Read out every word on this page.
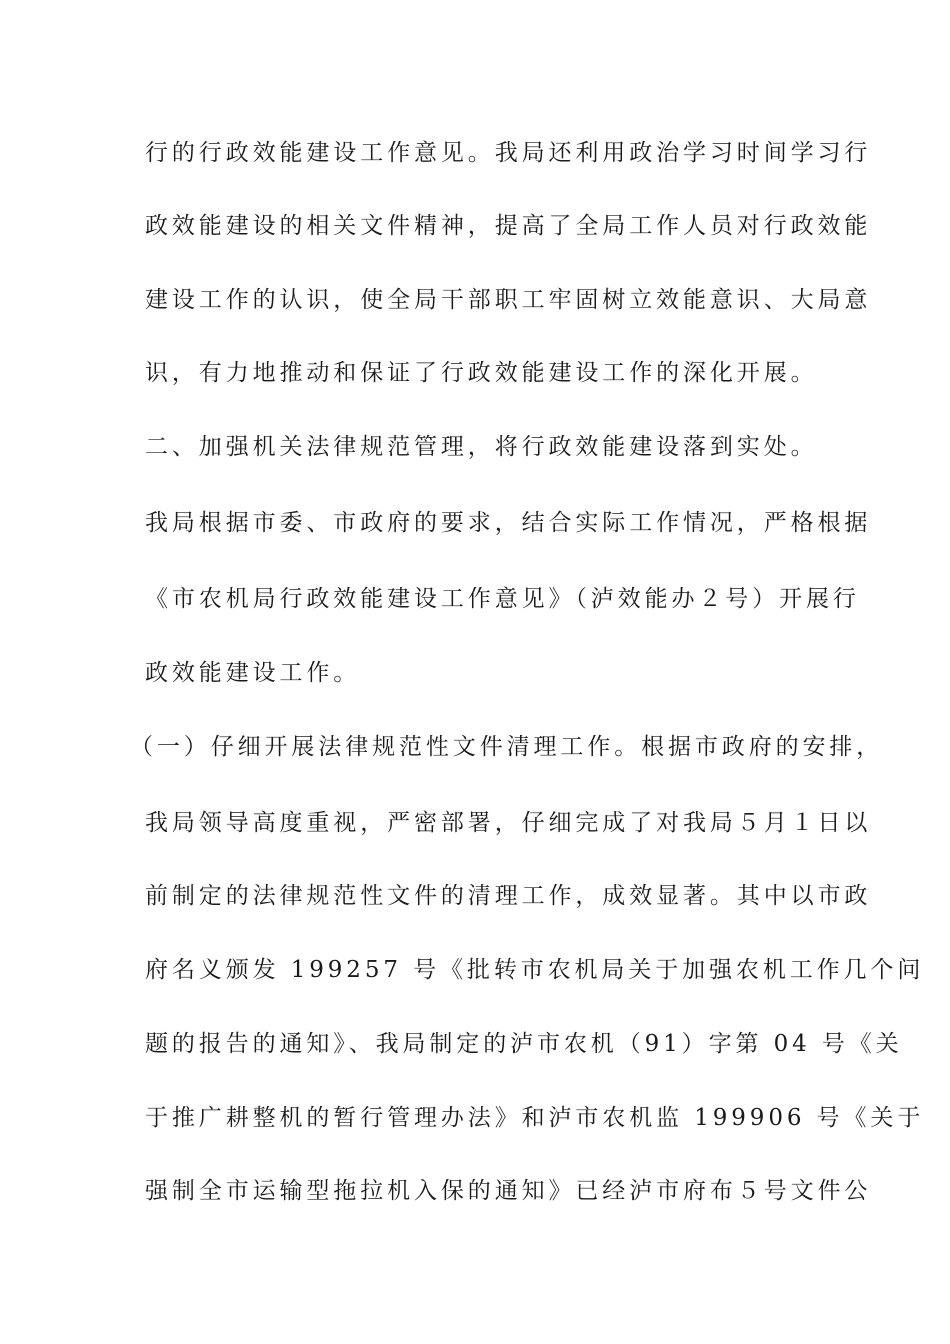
行的行政效能建设工作意见。我局还利用政治学习时间学习行
政效能建设的相关文件精神，提高了全局工作人员对行政效能
建设工作的认识，使全局干部职工牢固树立效能意识、大局意
识，有力地推动和保证了行政效能建设工作的深化开展。
二、加强机关法律规范管理，将行政效能建设落到实处。
我局根据市委、市政府的要求，结合实际工作情况，严格根据
《市农机局行政效能建设工作意见》（泸效能办２号）开展行
政效能建设工作。
（一）仔细开展法律规范性文件清理工作。根据市政府的安排，
我局领导高度重视，严密部署，仔细完成了对我局５月１日以
前制定的法律规范性文件的清理工作，成效显著。其中以市政
府名义颁发 199257 号《批转市农机局关于加强农机工作几个问
题的报告的通知》、我局制定的泸市农机（91）字第 04 号《关
于推广耕整机的暂行管理办法》和泸市农机监 199906 号《关于
强制全市运输型拖拉机入保的通知》已经泸市府布５号文件公
